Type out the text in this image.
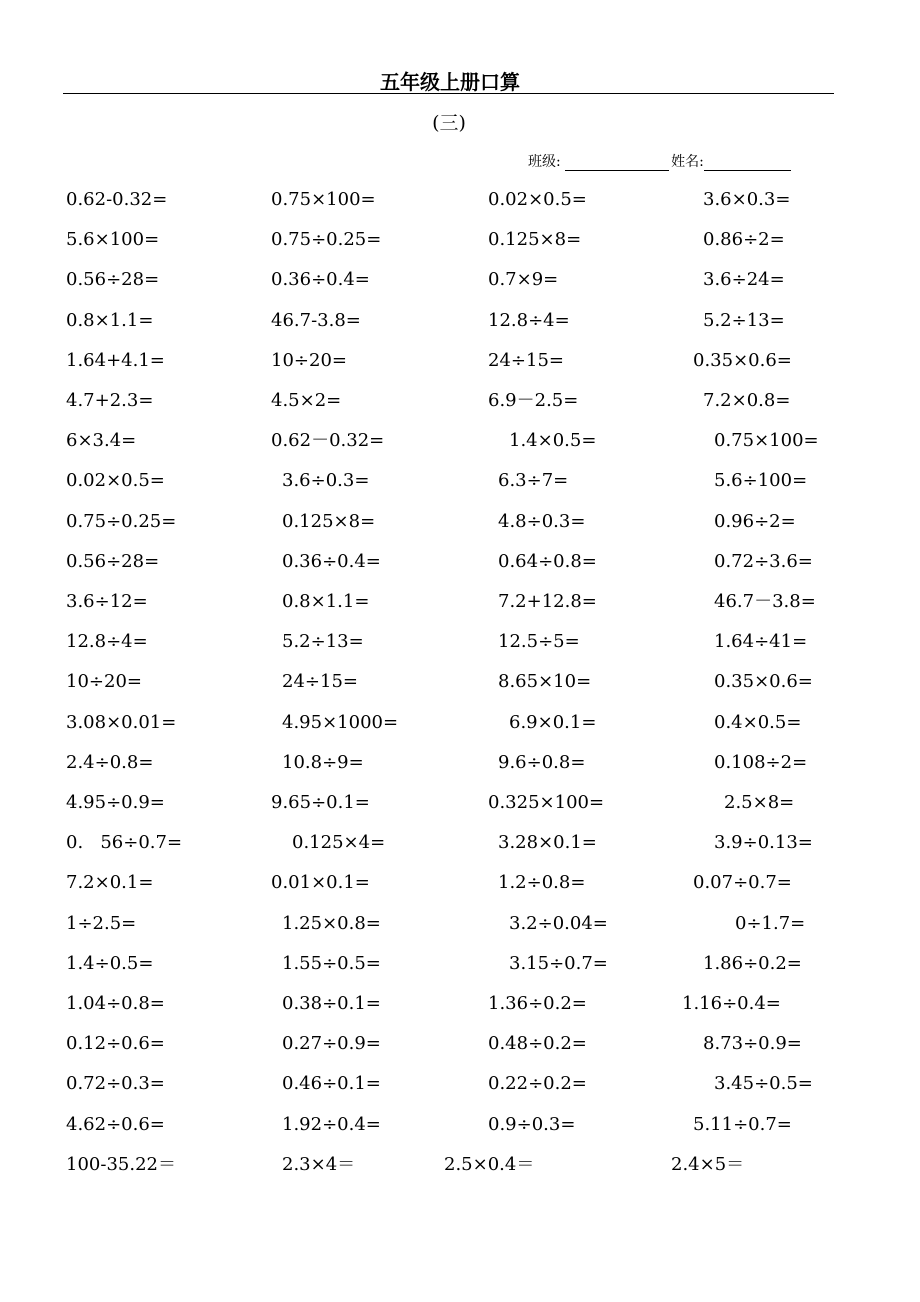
五年级上册口算
(三)
班级:	姓名:
0.62-0.32=	0.75×100=	0.02×0.5=	3.6×0.3=
5.6×100=	0.75÷0.25=	0.125×8=	0.86÷2=
0.56÷28=	0.36÷0.4=	0.7×9=	3.6÷24=
0.8×1.1=	46.7-3.8=	12.8÷4=	5.2÷13=
1.64+4.1=	10÷20=	24÷15=	0.35×0.6=
4.7+2.3=	4.5×2=	6.9－2.5=	7.2×0.8=
6×3.4=	0.62－0.32=	1.4×0.5=	0.75×100=
0.02×0.5=	3.6÷0.3=	6.3÷7=	5.6÷100=
0.75÷0.25=	0.125×8=	4.8÷0.3=	0.96÷2=
0.56÷28=	0.36÷0.4=	0.64÷0.8=	0.72÷3.6=
3.6÷12=	0.8×1.1=	7.2+12.8=	46.7－3.8=
12.8÷4=	5.2÷13=	12.5÷5=	1.64÷41=
10÷20=	24÷15=	8.65×10=	0.35×0.6=
3.08×0.01=	4.95×1000=	6.9×0.1=	0.4×0.5=
2.4÷0.8=	10.8÷9=	9.6÷0.8=	0.108÷2=
4.95÷0.9=	9.65÷0.1=	0.325×100=	2.5×8=
0.   56÷0.7=	0.125×4=	3.28×0.1=	3.9÷0.13=
7.2×0.1=	0.01×0.1=	1.2÷0.8=	0.07÷0.7=
1÷2.5=	1.25×0.8=	3.2÷0.04=	0÷1.7=
1.4÷0.5=	1.55÷0.5=	3.15÷0.7=	1.86÷0.2=
1.04÷0.8=	0.38÷0.1=	1.36÷0.2=	1.16÷0.4=
0.12÷0.6=	0.27÷0.9=	0.48÷0.2=	8.73÷0.9=
0.72÷0.3=	0.46÷0.1=	0.22÷0.2=	3.45÷0.5=
4.62÷0.6=	1.92÷0.4=	0.9÷0.3=	5.11÷0.7=
100-35.22＝	2.3×4＝	2.5×0.4＝	2.4×5＝
